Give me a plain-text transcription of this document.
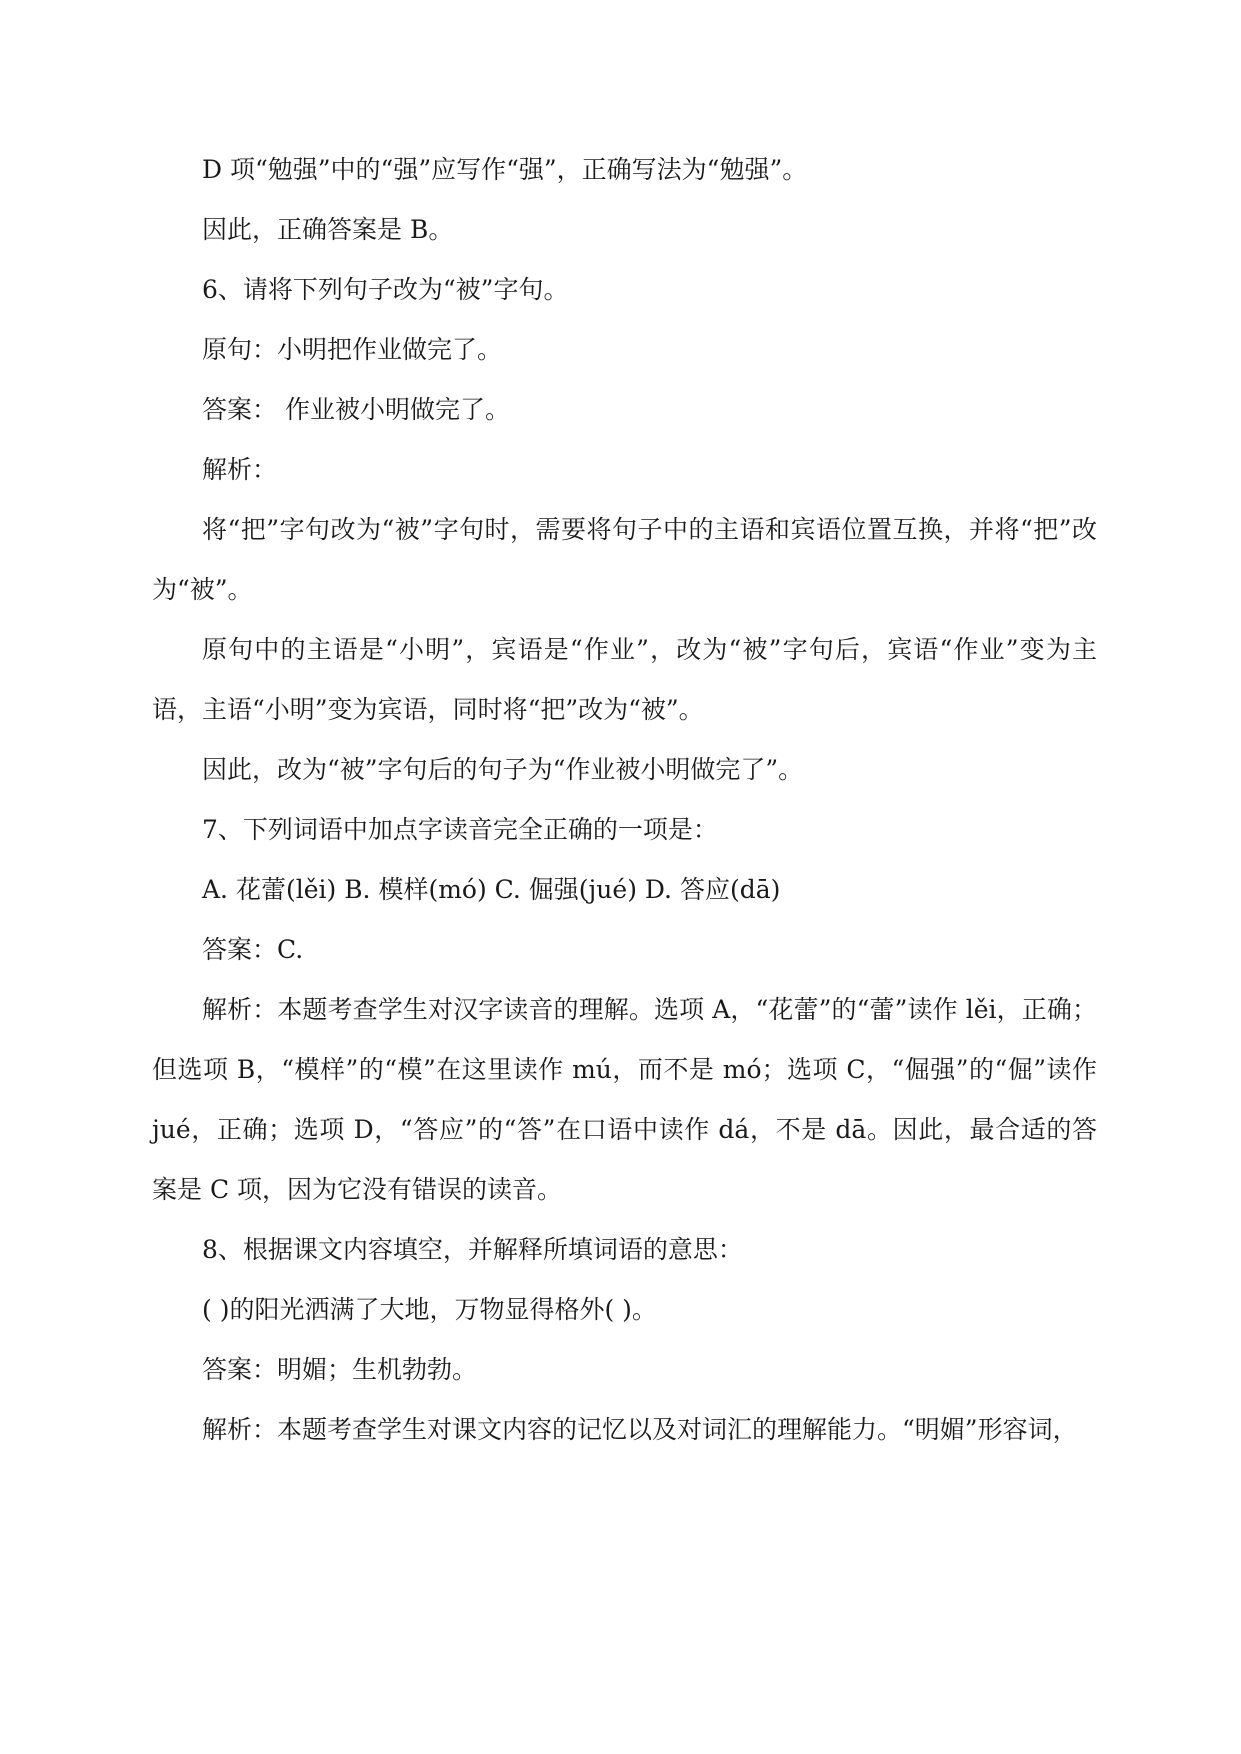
D 项“勉强”中的“强”应写作“强”，正确写法为“勉强”。

因此，正确答案是 B。

6、请将下列句子改为“被”字句。

原句：小明把作业做完了。

答案： 作业被小明做完了。

解析：

将“把”字句改为“被”字句时，需要将句子中的主语和宾语位置互换，并将“把”改为“被”。

原句中的主语是“小明”，宾语是“作业”，改为“被”字句后，宾语“作业”变为主语，主语“小明”变为宾语，同时将“把”改为“被”。

因此，改为“被”字句后的句子为“作业被小明做完了”。

7、下列词语中加点字读音完全正确的一项是：

A. 花蕾(lěi) B. 模样(mó) C. 倔强(jué) D. 答应(dā)

答案：C.

解析：本题考查学生对汉字读音的理解。选项 A，“花蕾”的“蕾”读作 lěi，正确；但选项 B，“模样”的“模”在这里读作 mú，而不是 mó；选项 C，“倔强”的“倔”读作 jué，正确；选项 D，“答应”的“答”在口语中读作 dá，不是 dā。因此，最合适的答案是 C 项，因为它没有错误的读音。

8、根据课文内容填空，并解释所填词语的意思：

( )的阳光洒满了大地，万物显得格外( )。

答案：明媚；生机勃勃。

解析：本题考查学生对课文内容的记忆以及对词汇的理解能力。“明媚”形容词，
